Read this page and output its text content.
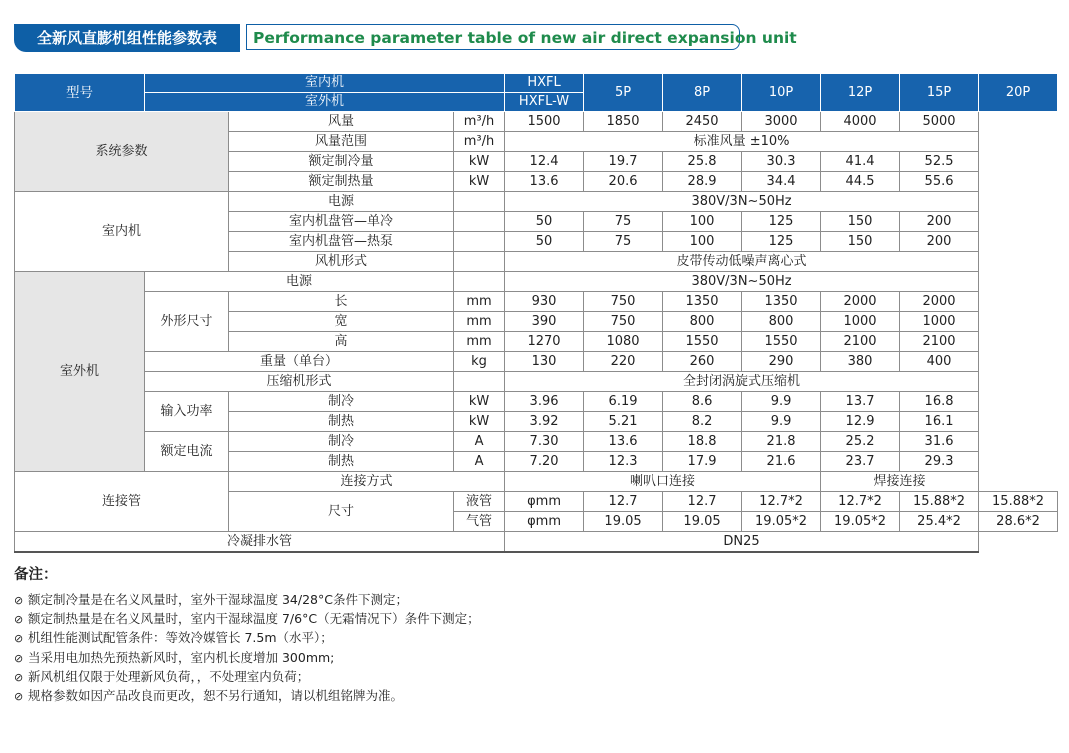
全新风直膨机组性能参数表	Performance parameter table of new air direct expansion unit
型号	室内机			HXFL	5P	8P	10P	12P	15P	20P
	室外机			HXFL-W						
系统参数		风量	m³/h	1500	1850	2450	3000	4000	5000	
		风量范围	m³/h	标准风量 ±10%						
		额定制冷量	kW	12.4	19.7	25.8	30.3	41.4	52.5	
		额定制热量	kW	13.6	20.6	28.9	34.4	44.5	55.6	
室内机		电源		380V/3N~50Hz						
		室内机盘管—单冷		50	75	100	125	150	200	
		室内机盘管—热泵		50	75	100	125	150	200	
		风机形式		皮带传动低噪声离心式						
室外机	电源			380V/3N~50Hz						
	外形尺寸	长	mm	930	750	1350	1350	2000	2000	
		宽	mm	390	750	800	800	1000	1000	
		高	mm	1270	1080	1550	1550	2100	2100	
	重量（单台）		kg	130	220	260	290	380	400	
	压缩机形式			全封闭涡旋式压缩机						
	输入功率	制冷	kW	3.96	6.19	8.6	9.9	13.7	16.8	
		制热	kW	3.92	5.21	8.2	9.9	12.9	16.1	
	额定电流	制冷	A	7.30	13.6	18.8	21.8	25.2	31.6	
		制热	A	7.20	12.3	17.9	21.6	23.7	29.3	
连接管		连接方式		喇叭口连接				焊接连接		
		尺寸	液管	φmm	12.7	12.7	12.7*2	12.7*2	15.88*2	15.88*2
			气管	φmm	19.05	19.05	19.05*2	19.05*2	25.4*2	28.6*2
冷凝排水管				DN25						
备注：
⊘ 额定制冷量是在名义风量时，室外干湿球温度 34/28°C条件下测定；
⊘ 额定制热量是在名义风量时，室内干湿球温度 7/6°C（无霜情况下）条件下测定；
⊘ 机组性能测试配管条件：等效冷媒管长 7.5m（水平）；
⊘ 当采用电加热先预热新风时，室内机长度增加 300mm;
⊘ 新风机组仅限于处理新风负荷，，不处理室内负荷；
⊘ 规格参数如因产品改良而更改，恕不另行通知，请以机组铭牌为准。
